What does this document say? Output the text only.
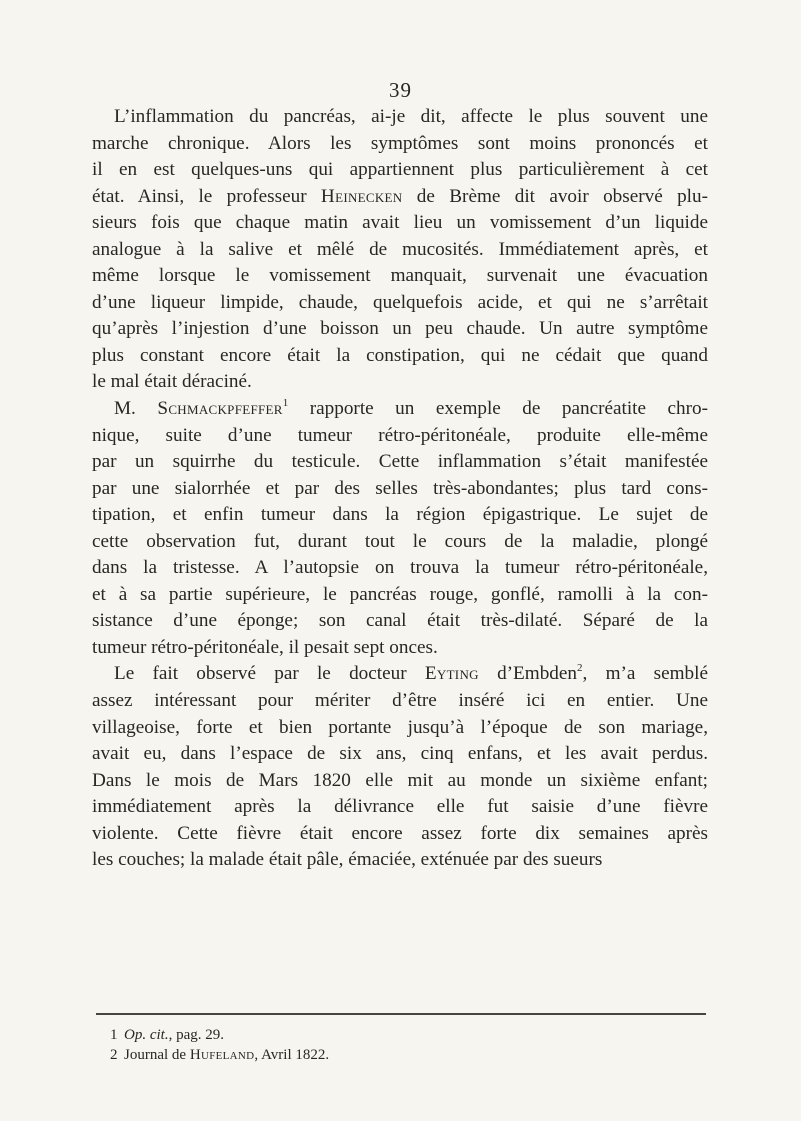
39
L’inflammation du pancréas, ai-je dit, affecte le plus souvent une
marche chronique. Alors les symptômes sont moins prononcés et
il en est quelques-uns qui appartiennent plus particulièrement à cet
état. Ainsi, le professeur Heinecken de Brème dit avoir observé plu-
sieurs fois que chaque matin avait lieu un vomissement d’un liquide
analogue à la salive et mêlé de mucosités. Immédiatement après, et
même lorsque le vomissement manquait, survenait une évacuation
d’une liqueur limpide, chaude, quelquefois acide, et qui ne s’arrêtait
qu’après l’injestion d’une boisson un peu chaude. Un autre symptôme
plus constant encore était la constipation, qui ne cédait que quand
le mal était déraciné.
M. Schmackpfeffer$^1$ rapporte un exemple de pancréatite chro-
nique, suite d’une tumeur rétro-péritonéale, produite elle-même
par un squirrhe du testicule. Cette inflammation s’était manifestée
par une sialorrhée et par des selles très-abondantes; plus tard cons-
tipation, et enfin tumeur dans la région épigastrique. Le sujet de
cette observation fut, durant tout le cours de la maladie, plongé
dans la tristesse. A l’autopsie on trouva la tumeur rétro-péritonéale,
et à sa partie supérieure, le pancréas rouge, gonflé, ramolli à la con-
sistance d’une éponge; son canal était très-dilaté. Séparé de la
tumeur rétro-péritonéale, il pesait sept onces.
Le fait observé par le docteur Eyting d’Embden$^2$, m’a semblé
assez intéressant pour mériter d’être inséré ici en entier. Une
villageoise, forte et bien portante jusqu’à l’époque de son mariage,
avait eu, dans l’espace de six ans, cinq enfans, et les avait perdus.
Dans le mois de Mars 1820 elle mit au monde un sixième enfant;
immédiatement après la délivrance elle fut saisie d’une fièvre
violente. Cette fièvre était encore assez forte dix semaines après
les couches; la malade était pâle, émaciée, exténuée par des sueurs
1 Op. cit., pag. 29.
2 Journal de Hufeland, Avril 1822.
